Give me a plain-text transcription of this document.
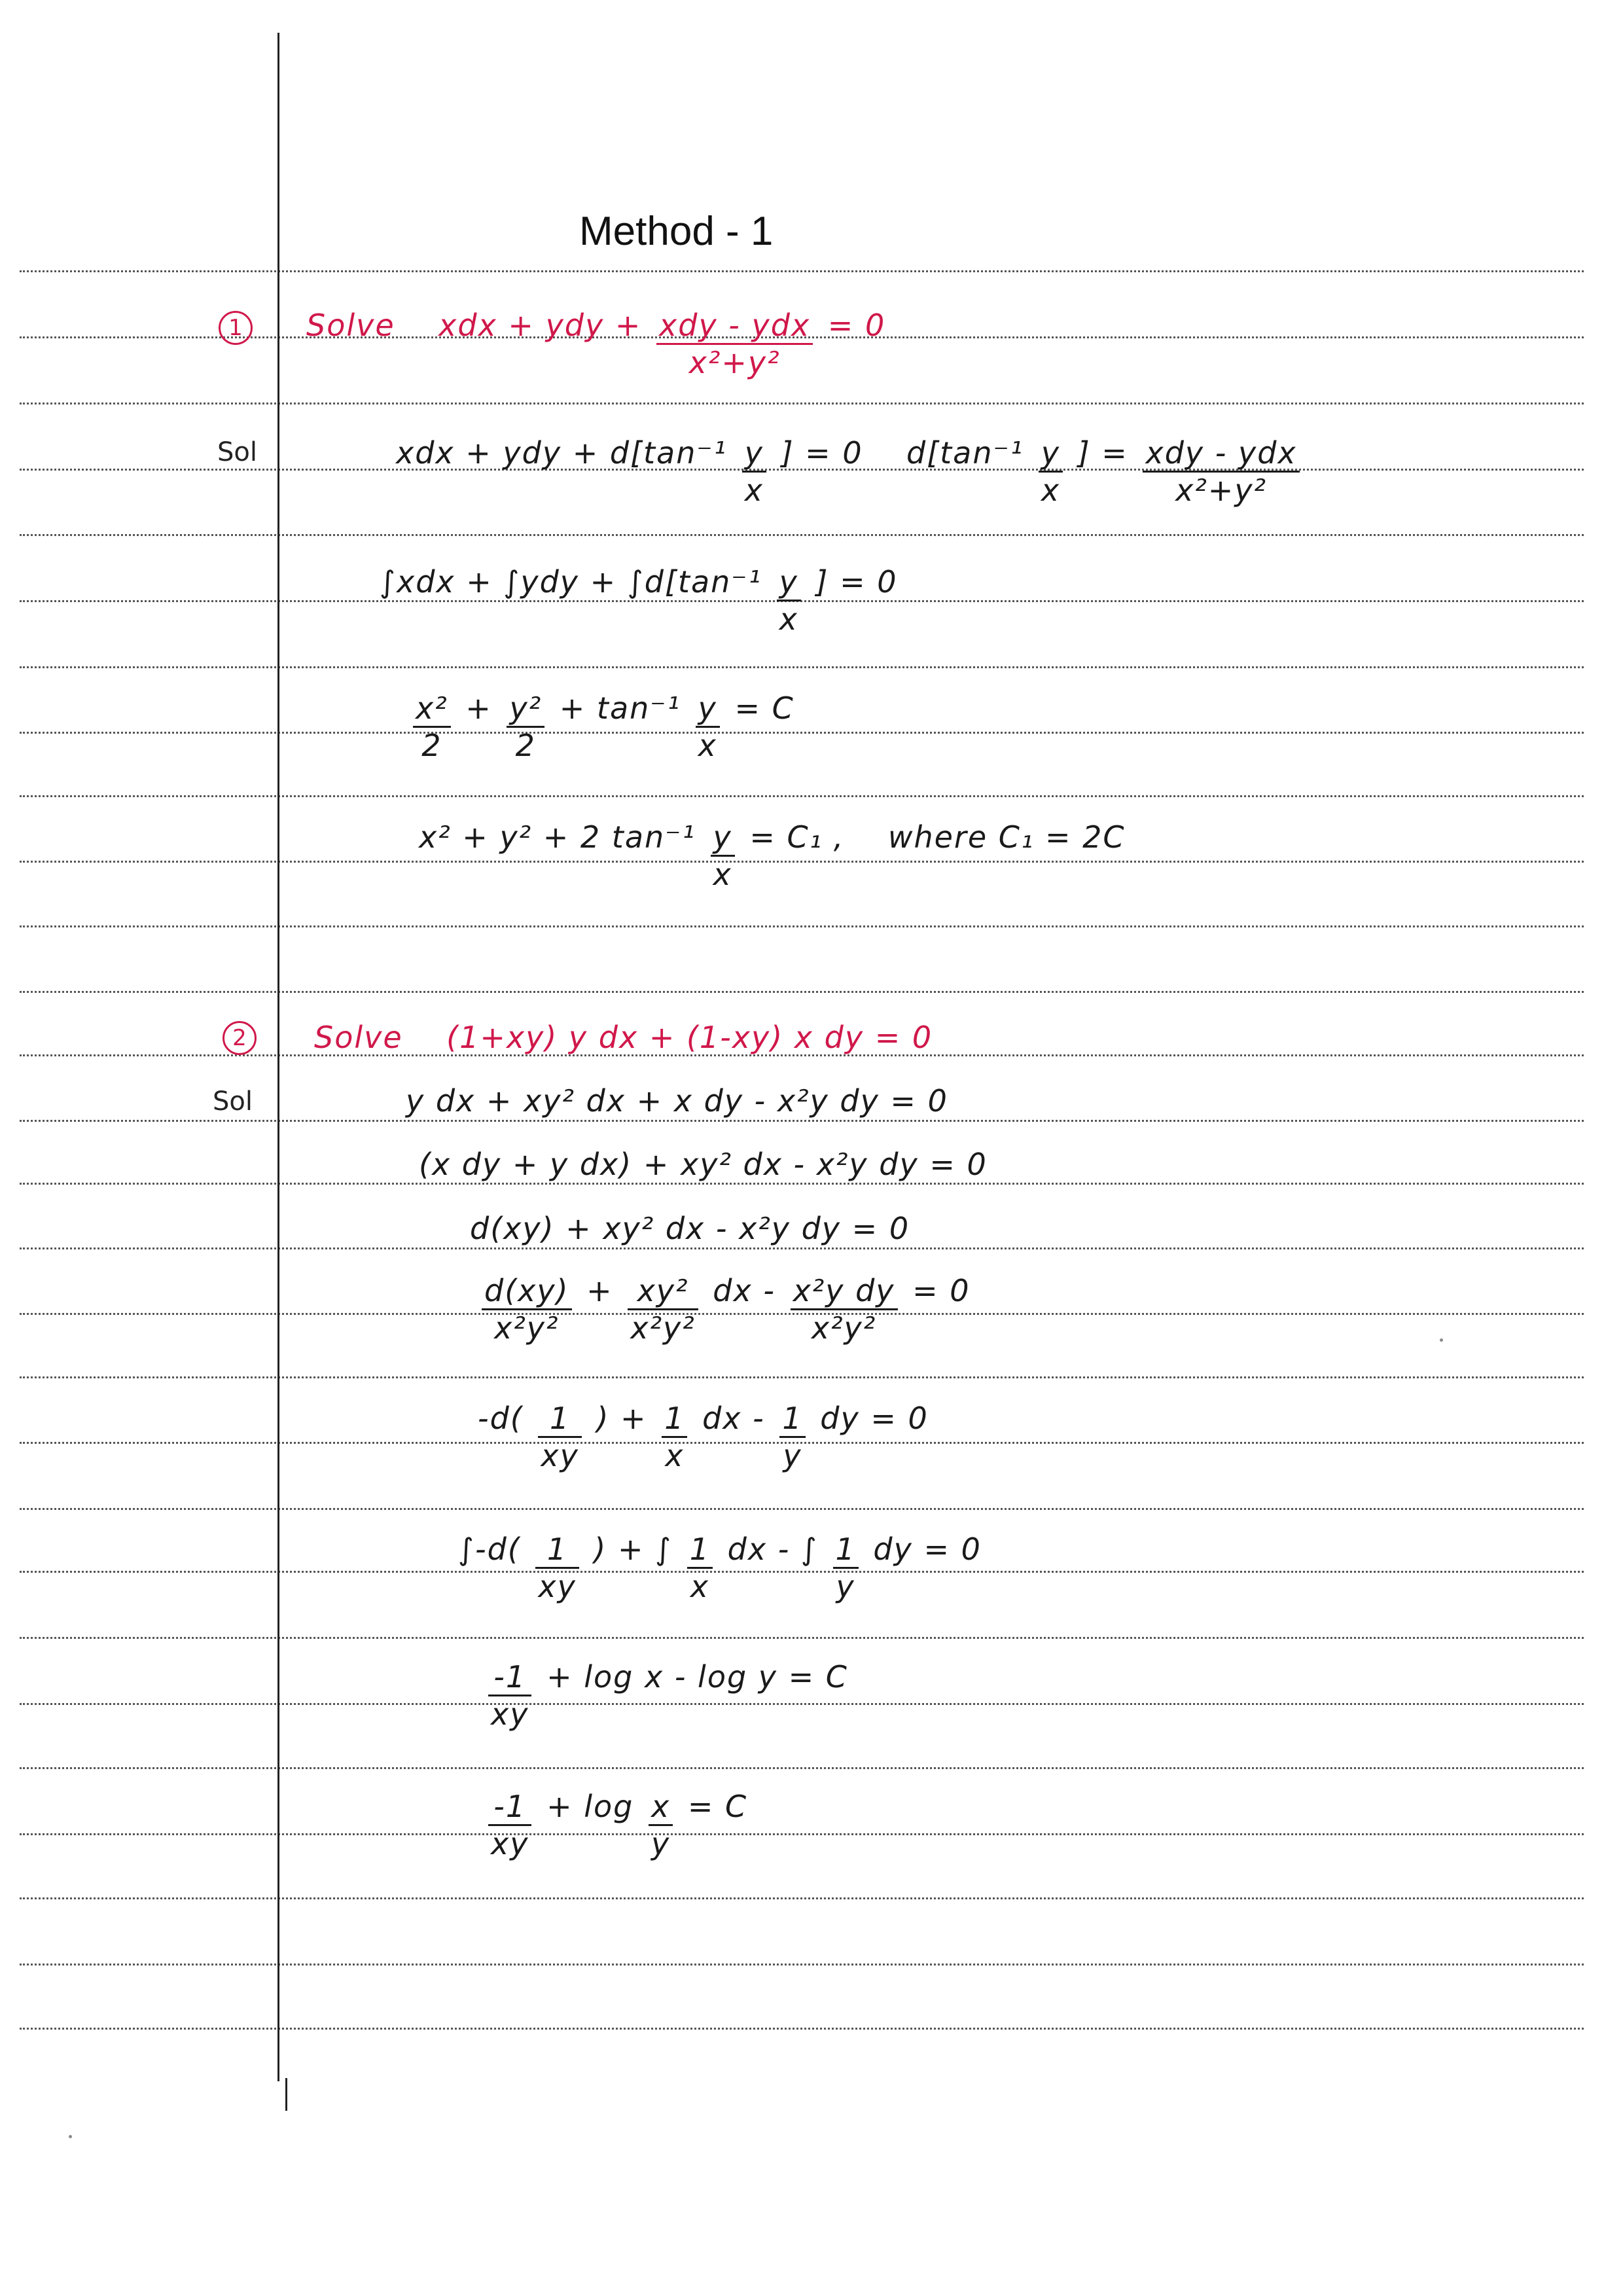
Method - 1
1	Solve xdx + ydy + $\frac{\text{xdy - ydx}}{\text{x²+y²}} = 0$
Sol	xdx + ydy + $d[\tan^{-1} \frac{y}{x}$ ] = 0 $d[\tan^{-1} \frac{y}{x}$ ] = $\frac{\text{xdy - ydx}}{\text{x²+y²}}$
$\int xdx + \int ydy + \int d[\tan^{-1} \frac{y}{x}$ ] = 0
$\frac{\text{x²}}{2} + \frac{\text{y²}}{2} + \tan^{-1} \frac{y}{x} = C$
x² + y² + 2 $\tan^{-1} \frac{y}{x} = C_1$ , where C₁ = 2C
2	Solve (1+xy) y dx + (1-xy) x dy = 0
Sol	y dx + xy² dx + x dy - x²y dy = 0
(x dy + y dx) + xy² dx - x²y dy = 0
d(xy) + xy² dx - x²y dy = 0
$\frac{d(xy)}{\text{x²y²}} + \frac{\text{xy²}}{\text{x²y²}}$ dx - $\frac{\text{x²y dy}}{\text{x²y²}} = 0$
$-d( \frac{1}{xy}$ ) + $\frac{1}{x}$ dx - $\frac{1}{y}$ dy = 0
$\int-d( \frac{1}{xy}$ ) + ∫ $\frac{1}{x}$ dx - ∫ $\frac{1}{y}$ dy = 0
$\frac{-1}{xy} + \log x - \log y = C$
$\frac{-1}{xy} + \log \frac{x}{y} = C$
